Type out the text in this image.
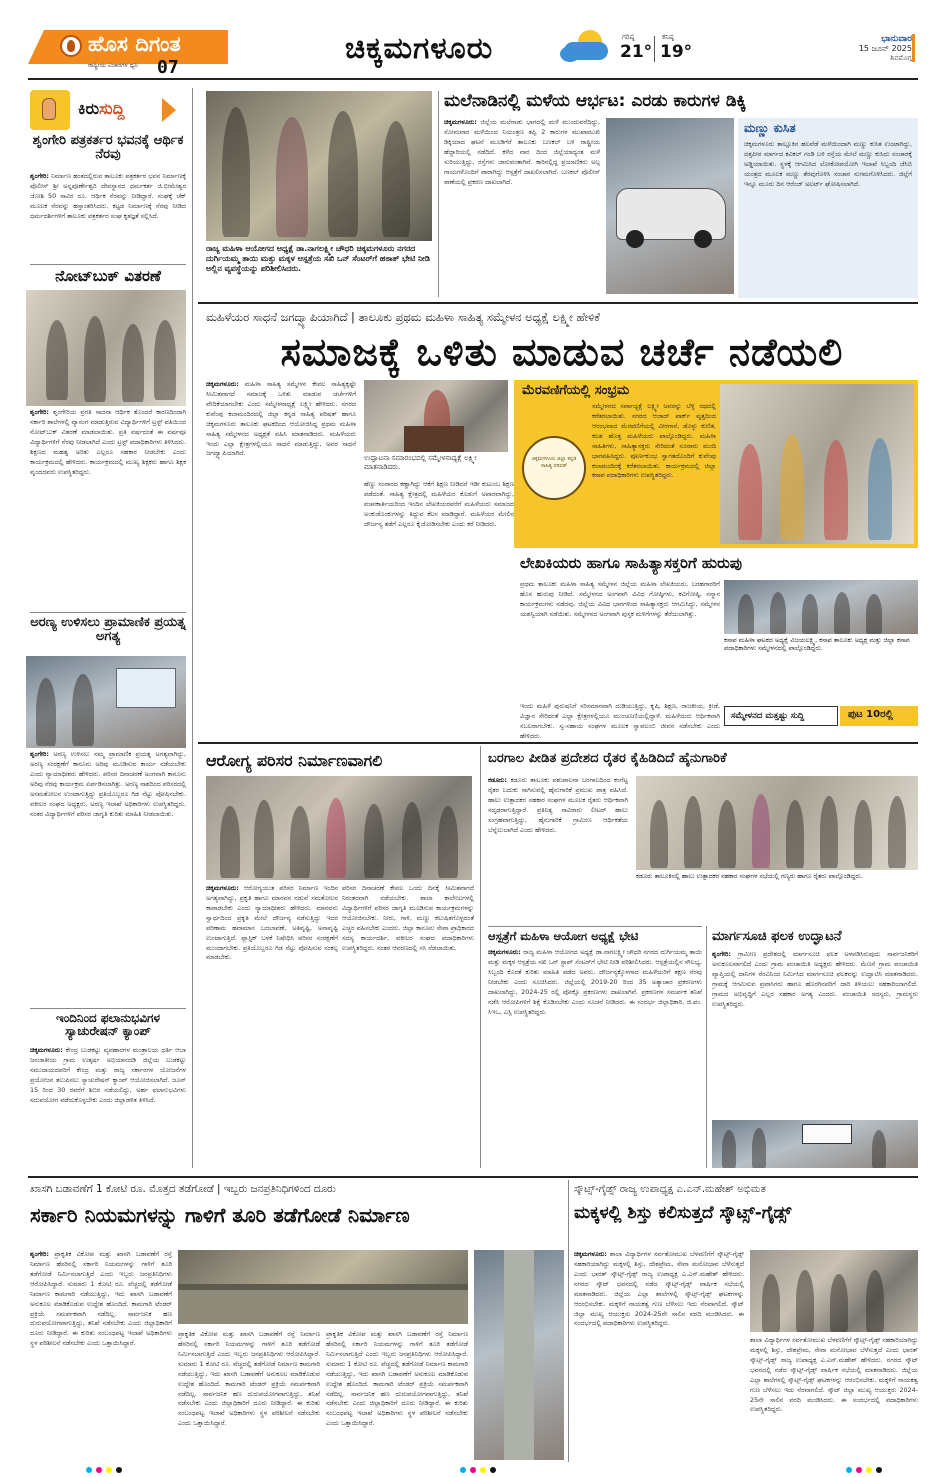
ಹೊಸ ದಿಗಂತ
ರಾಷ್ಟ್ರೀಯ ವಿಚಾರಗಳ ಧ್ವನಿ 07
ಚಿಕ್ಕಮಗಳೂರು	ಗರಿಷ್ಠ
21°
ಕನಿಷ್ಠ
19°
ಭಾನುವಾರ
15 ಜೂನ್ 2025
ಶಿವಮೊಗ್ಗ
ಕಿರುಸುದ್ದಿ
ಶೃಂಗೇರಿ ಪತ್ರಕರ್ತರ ಭವನಕ್ಕೆ ಆರ್ಥಿಕ ನೆರವು
ಶೃಂಗೇರಿ: ನಿರ್ಮಾಣ ಹಂತದಲ್ಲಿರುವ ತಾಲೂಕು ಪತ್ರಕರ್ತರ ಭವನ ನಿರ್ಮಾಣಕ್ಕೆ ಪೊಲೀಸ್ ಶ್ರೀ ಅನ್ನಪೂರ್ಣೇಶ್ವರಿ ದೇವಸ್ಥಾನದ ಧರ್ಮಕರ್ತ ಜಿ.ಭೀಮೇಶ್ವರ ಜೋಶಿ 50 ಸಾವಿರ ರೂ. ಆರ್ಥಿಕ ನೆರವನ್ನು ನೀಡಿದ್ದಾರೆ. ಸಂಘಕ್ಕೆ ಚೆಕ್ ಮೂಲಕ ನೆರವನ್ನು ಹಸ್ತಾಂತರಿಸಿದರು. ಕಟ್ಟಡ ನಿರ್ಮಾಣಕ್ಕೆ ನೆರವು ನೀಡಿದ ಧರ್ಮದರ್ಶಿಗಳಿಗೆ ತಾಲೂಕು ಪತ್ರಕರ್ತರ ಸಂಘ ಕೃತಜ್ಞತೆ ಸಲ್ಲಿಸಿದೆ.
ನೋಟ್‌ಬುಕ್ ವಿತರಣೆ
ಶೃಂಗೇರಿ: ಶೃಂಗೇರಿಯ ಪ್ರಗತಿ ಸಾದನಾ ಆರ್ಥಿಕ ತೊಂದರೆ ಕಾರಣದಿಂದಾಗಿ ಸರ್ಕಾರಿ ಶಾಲೆಗಳಲ್ಲಿ ವ್ಯಾಸಂಗ ಮಾಡುತ್ತಿರುವ ವಿದ್ಯಾರ್ಥಿಗಳಿಗೆ ಟ್ರಸ್ಟ್ ವತಿಯಿಂದ ನೋಟ್‌ಬುಕ್ ವಿತರಣೆ ಮಾಡಲಾಯಿತು. ಪ್ರತಿ ವರ್ಷದಂತೆ ಈ ವರ್ಷವೂ ವಿದ್ಯಾರ್ಥಿಗಳಿಗೆ ನೆರವು ನೀಡಲಾಗಿದೆ ಎಂದು ಟ್ರಸ್ಟ್ ಪದಾಧಿಕಾರಿಗಳು ತಿಳಿಸಿದರು. ಶಿಕ್ಷಣದ ಮಹತ್ವ ಅರಿತು ಎಲ್ಲರೂ ಸಹಕಾರ ನೀಡಬೇಕು ಎಂದು ಕಾರ್ಯಕ್ರಮದಲ್ಲಿ ಹೇಳಿದರು. ಕಾರ್ಯಕ್ರಮದಲ್ಲಿ ಮುಖ್ಯ ಶಿಕ್ಷಕರು ಹಾಗೂ ಶಿಕ್ಷಕ ವೃಂದದವರು ಉಪಸ್ಥಿತರಿದ್ದರು.
ಅರಣ್ಯ ಉಳಿಸಲು ಪ್ರಾಮಾಣಿಕ ಪ್ರಯತ್ನ ಅಗತ್ಯ
ಶೃಂಗೇರಿ: ಅರಣ್ಯ ಉಳಿಸಲು ನಮ್ಮ ಪ್ರಾಮಾಣಿಕ ಪ್ರಯತ್ನ ಅಗತ್ಯವಾಗಿದ್ದು, ಅರಣ್ಯ ಸಂರಕ್ಷಣೆಗೆ ಕಾನೂನು ಅರಿವು ಮೂಡಿಸುವ ಕಾರ್ಯ ನಡೆಯಬೇಕು ಎಂದು ನ್ಯಾಯಾಧೀಶರು ಹೇಳಿದರು. ಪರಿಸರ ದಿನಾಚರಣೆ ಅಂಗವಾಗಿ ಕಾನೂನು ಅರಿವು ನೆರವು ಕಾರ್ಯಕ್ರಮ ಏರ್ಪಡಿಸಲಾಗಿತ್ತು. ಅರಣ್ಯ ನಾಶದಿಂದ ಪರಿಸರದಲ್ಲಿ ಅಸಮತೋಲನ ಉಂಟಾಗುತ್ತಿದ್ದು ಪ್ರತಿಯೊಬ್ಬರೂ ಗಿಡ ನೆಟ್ಟು ಪೋಷಿಸಬೇಕು. ವಕೀಲರ ಸಂಘದ ಅಧ್ಯಕ್ಷರು, ಅರಣ್ಯ ಇಲಾಖೆ ಅಧಿಕಾರಿಗಳು ಉಪಸ್ಥಿತರಿದ್ದರು. ನಂತರ ವಿದ್ಯಾರ್ಥಿಗಳಿಗೆ ಪರಿಸರ ಜಾಗೃತಿ ಕುರಿತು ಮಾಹಿತಿ ನೀಡಲಾಯಿತು.
ಇಂದಿನಿಂದ ಫಲಾನುಭವಿಗಳ ಸ್ಯಾಚುರೇಷನ್ ಕ್ಯಾಂಪ್
ಚಿಕ್ಕಮಗಳೂರು: ಕೇಂದ್ರ ಬುಡಕಟ್ಟು ವ್ಯವಹಾರಗಳ ಮಂತ್ರಾಲಯ ಧರ್ತಿ ಆಬಾ ಜನಜಾತೀಯ ಗ್ರಾಮ ಉತ್ಕರ್ಷ ಅಭಿಯಾನದಡಿ ಜಿಲ್ಲೆಯ ಬುಡಕಟ್ಟು ಸಮುದಾಯದವರಿಗೆ ಕೇಂದ್ರ ಮತ್ತು ರಾಜ್ಯ ಸರ್ಕಾರಗಳ ಯೋಜನೆಗಳ ಪ್ರಯೋಜನ ತಲುಪಿಸಲು ಸ್ಯಾಚುರೇಷನ್ ಕ್ಯಾಂಪ್ ಆಯೋಜಿಸಲಾಗಿದೆ. ಜೂನ್ 15 ರಿಂದ 30 ರವರೆಗೆ ಶಿಬಿರ ನಡೆಯಲಿದ್ದು, ಅರ್ಹ ಫಲಾನುಭವಿಗಳು ಸದುಪಯೋಗ ಪಡೆದುಕೊಳ್ಳಬೇಕು ಎಂದು ಜಿಲ್ಲಾಡಳಿತ ತಿಳಿಸಿದೆ.
ರಾಜ್ಯ ಮಹಿಳಾ ಆಯೋಗದ ಅಧ್ಯಕ್ಷೆ ಡಾ.ನಾಗಲಕ್ಷ್ಮೀ ಚೌಧರಿ ಚಿಕ್ಕಮಗಳೂರು ನಗರದ ದುರ್ಗಿಯಮ್ಮ ತಾಯಿ ಮತ್ತು ಮಕ್ಕಳ ಆಸ್ಪತ್ರೆಯ ಸಖಿ ಒನ್ ಸೆಂಟರ್‌ಗೆ ಹಠಾತ್ ಭೇಟಿ ನೀಡಿ ಅಲ್ಲಿನ ವ್ಯವಸ್ಥೆಯನ್ನು ಪರಿಶೀಲಿಸಿದರು.
ಮಲೆನಾಡಿನಲ್ಲಿ ಮಳೆಯ ಆರ್ಭಟ: ಎರಡು ಕಾರುಗಳ ಡಿಕ್ಕಿ
ಚಿಕ್ಕಮಗಳೂರು: ಜಿಲ್ಲೆಯ ಮಲೆನಾಡು ಭಾಗದಲ್ಲಿ ಮಳೆ ಮುಂದುವರೆದಿದ್ದು, ಸೋಮವಾರ ಮಳೆಯಿಂದ ನಿಯಂತ್ರಣ ತಪ್ಪಿ 2 ಕಾರುಗಳ ಮುಖಾಮುಖಿ ಡಿಕ್ಕಿಯಾದ ಘಟನೆ ಮೂಡಿಗೆರೆ ತಾಲೂಕು ಬಣಕಲ್ ಬಳಿ ರಾಷ್ಟ್ರೀಯ ಹೆದ್ದಾರಿಯಲ್ಲಿ ನಡೆದಿದೆ. ಕಳೆದ ವಾರ ದಿಂದ ಜಿಲ್ಲೆಯಾದ್ಯಂತ ಮಳೆ ಸುರಿಯುತ್ತಿದ್ದು, ರಸ್ತೆಗಳು ಜಾರುವಂತಾಗಿವೆ. ಕಾರಿನಲ್ಲಿದ್ದ ಪ್ರಯಾಣಿಕರು ಅಲ್ಪ ಗಾಯಗಳೊಂದಿಗೆ ಪಾರಾಗಿದ್ದು ಆಸ್ಪತ್ರೆಗೆ ದಾಖಲಿಸಲಾಗಿದೆ. ಬಣಕಲ್ ಪೊಲೀಸ್ ಠಾಣೆಯಲ್ಲಿ ಪ್ರಕರಣ ದಾಖಲಾಗಿದೆ.
ಮಣ್ಣು ಕುಸಿತ
ಚಿಕ್ಕಮಗಳೂರು ತಾಲ್ಲೂಕಿನ ಹಲವೆಡೆ ಮಳೆಯಿಂದಾಗಿ ಮಣ್ಣು ಕುಸಿತ ಉಂಟಾಗಿದ್ದು, ದತ್ತಪೀಠ ಮಾರ್ಗದ ಕವಿಕಲ್ ಗಂಡಿ ಬಳಿ ರಸ್ತೆಯ ಮೇಲೆ ಮಣ್ಣು ಕುಸಿದು ಸಂಚಾರಕ್ಕೆ ಅಡ್ಡಿಯಾಯಿತು. ಸ್ಥಳಕ್ಕೆ ಆಗಮಿಸಿದ ಲೋಕೋಪಯೋಗಿ ಇಲಾಖೆ ಸಿಬ್ಬಂದಿ ಜೆಸಿಬಿ ಯಂತ್ರದ ಮೂಲಕ ಮಣ್ಣು ತೆರವುಗೊಳಿಸಿ ಸಂಚಾರ ಸುಗಮಗೊಳಿಸಿದರು. ಜಿಲ್ಲೆಗೆ ಇನ್ನೂ ಮೂರು ದಿನ ಆರೆಂಜ್ ಅಲರ್ಟ್ ಘೋಷಿಸಲಾಗಿದೆ.
ಮಹಿಳೆಯರ ಸಾಧನೆ ಜಗದ್ವ್ಯಾಪಿಯಾಗಿದೆ | ತಾಲೂಕು ಪ್ರಥಮ ಮಹಿಳಾ ಸಾಹಿತ್ಯ ಸಮ್ಮೇಳನ ಅಧ್ಯಕ್ಷೆ ಲಕ್ಷ್ಮೀ ಹೇಳಿಕೆ
ಸಮಾಜಕ್ಕೆ ಒಳಿತು ಮಾಡುವ ಚರ್ಚೆ ನಡೆಯಲಿ
ಚಿಕ್ಕಮಗಳೂರು: ಮಹಿಳಾ ಸಾಹಿತ್ಯ ಸಮ್ಮೇಳನ ಕೇವಲ ಸಾಹಿತ್ಯಕ್ಕಷ್ಟೇ ಸೀಮಿತವಾಗದೆ ಸಮಾಜಕ್ಕೆ ಒಳಿತು ಮಾಡುವ ಚರ್ಚೆಗಳಿಗೆ ವೇದಿಕೆಯಾಗಬೇಕು ಎಂದು ಸಮ್ಮೇಳನಾಧ್ಯಕ್ಷೆ ಲಕ್ಷ್ಮೀ ಹೇಳಿದರು. ನಗರದ ಕುವೆಂಪು ಕಲಾಮಂದಿರದಲ್ಲಿ ಜಿಲ್ಲಾ ಕನ್ನಡ ಸಾಹಿತ್ಯ ಪರಿಷತ್ ಹಾಗೂ ಚಿಕ್ಕಮಗಳೂರು ತಾಲೂಕು ಘಟಕದಿಂದ ಆಯೋಜಿಸಿದ್ದ ಪ್ರಥಮ ಮಹಿಳಾ ಸಾಹಿತ್ಯ ಸಮ್ಮೇಳನದ ಅಧ್ಯಕ್ಷತೆ ವಹಿಸಿ ಮಾತನಾಡಿದರು. ಮಹಿಳೆಯರು ಇಂದು ಎಲ್ಲಾ ಕ್ಷೇತ್ರಗಳಲ್ಲಿಯೂ ಸಾಧನೆ ಮಾಡುತ್ತಿದ್ದು, ಅವರ ಸಾಧನೆ ಜಗದ್ವ್ಯಾಪಿಯಾಗಿದೆ.
ಉದ್ಘಾಟನಾ ಸಮಾರಂಭದಲ್ಲಿ ಸಮ್ಮೇಳನಾಧ್ಯಕ್ಷೆ ಲಕ್ಷ್ಮೀ ಮಾತನಾಡಿದರು.
ಹೆಣ್ಣು ಸಂಸಾರದ ಕಣ್ಣಾಗಿದ್ದು ಆಕೆಗೆ ಶಿಕ್ಷಣ ನೀಡಿದರೆ ಇಡೀ ಕುಟುಂಬ ಶಿಕ್ಷಣ ಪಡೆದಂತೆ. ಸಾಹಿತ್ಯ ಕ್ಷೇತ್ರದಲ್ಲಿ ಮಹಿಳೆಯರ ಕೊಡುಗೆ ಅಪಾರವಾಗಿದ್ದು, ವಚನಕಾರ್ತಿಯರಿಂದ ಇಂದಿನ ಲೇಖಕಿಯರವರೆಗೆ ಮಹಿಳೆಯರು ಸಮಾಜದ ಅಂಕುಡೊಂಕುಗಳನ್ನು ತಿದ್ದುವ ಕೆಲಸ ಮಾಡಿದ್ದಾರೆ. ಮಹಿಳೆಯರ ಮೇಲಿನ ದೌರ್ಜನ್ಯ ತಡೆಗೆ ಎಲ್ಲರೂ ಕೈಜೋಡಿಸಬೇಕು ಎಂದು ಕರೆ ನೀಡಿದರು.
ಮೆರವಣಿಗೆಯಲ್ಲಿ ಸಂಭ್ರಮ
ಚಿಕ್ಕಮಗಳೂರು ಜಿಲ್ಲಾ ಕನ್ನಡ ಸಾಹಿತ್ಯ ಪರಿಷತ್
ಸಮ್ಮೇಳನದ ಸರ್ವಾಧ್ಯಕ್ಷೆ ಲಕ್ಷ್ಮೀ ಅವರನ್ನು ಬೆಳ್ಳಿ ರಥದಲ್ಲಿ ಕರೆತರಲಾಯಿತು. ನಗರದ ಆಜಾದ್ ಪಾರ್ಕ್ ವೃತ್ತದಿಂದ ಆರಂಭವಾದ ಮೆರವಣಿಗೆಯಲ್ಲಿ ವೀರಗಾಸೆ, ಡೊಳ್ಳು ಕುಣಿತ, ಕಲಶ ಹೊತ್ತ ಮಹಿಳೆಯರು ಪಾಲ್ಗೊಂಡಿದ್ದರು. ಮಹಿಳಾ ಸಾಹಿತಿಗಳು, ಸಾಹಿತ್ಯಾಸಕ್ತರು ಸೇರಿದಂತೆ ನೂರಾರು ಮಂದಿ ಭಾಗವಹಿಸಿದ್ದರು. ಪೂರ್ಣಕುಂಭ ಸ್ವಾಗತದೊಂದಿಗೆ ಕುವೆಂಪು ಕಲಾಮಂದಿರಕ್ಕೆ ಕರೆತರಲಾಯಿತು. ಕಾರ್ಯಕ್ರಮದಲ್ಲಿ ಜಿಲ್ಲಾ ಕಸಾಪ ಪದಾಧಿಕಾರಿಗಳು ಉಪಸ್ಥಿತರಿದ್ದರು.
ಲೇಖಕಿಯರು ಹಾಗೂ ಸಾಹಿತ್ಯಾಸಕ್ತರಿಗೆ ಹುರುಪು
ಪ್ರಥಮ ತಾಲೂಕು ಮಹಿಳಾ ಸಾಹಿತ್ಯ ಸಮ್ಮೇಳನ ಜಿಲ್ಲೆಯ ಮಹಿಳಾ ಲೇಖಕಿಯರು, ಬರಹಗಾರರಿಗೆ ಹೊಸ ಹುರುಪು ನೀಡಿದೆ. ಸಮ್ಮೇಳನದ ಅಂಗವಾಗಿ ವಿವಿಧ ಗೋಷ್ಠಿಗಳು, ಕವಿಗೋಷ್ಠಿ, ಸನ್ಮಾನ ಕಾರ್ಯಕ್ರಮಗಳು ನಡೆದವು. ಜಿಲ್ಲೆಯ ವಿವಿಧ ಭಾಗಗಳಿಂದ ಸಾಹಿತ್ಯಾಸಕ್ತರು ಆಗಮಿಸಿದ್ದು, ಸಮ್ಮೇಳನ ಯಶಸ್ವಿಯಾಗಿ ನಡೆಯಿತು. ಸಮ್ಮೇಳನದ ಅಂಗವಾಗಿ ಪುಸ್ತಕ ಮಳಿಗೆಗಳನ್ನು ತೆರೆಯಲಾಗಿತ್ತು.
ಕಸಾಪ ಮಹಿಳಾ ಘಟಕದ ಅಧ್ಯಕ್ಷೆ ವಿಜಯಲಕ್ಷ್ಮಿ, ಕಸಾಪ ತಾಲೂಕು ಅಧ್ಯಕ್ಷ ಮತ್ತು ಜಿಲ್ಲಾ ಕಸಾಪ ಪದಾಧಿಕಾರಿಗಳು ಸಮ್ಮೇಳನದಲ್ಲಿ ಪಾಲ್ಗೊಂಡಿದ್ದರು.
ಇಂದು ಮಹಿಳೆ ಪುರುಷನಿಗೆ ಸರಿಸಮಾನವಾಗಿ ದುಡಿಯುತ್ತಿದ್ದು, ಕೃಷಿ, ಶಿಕ್ಷಣ, ರಾಜಕೀಯ, ಕ್ರೀಡೆ, ವಿಜ್ಞಾನ ಸೇರಿದಂತೆ ಎಲ್ಲಾ ಕ್ಷೇತ್ರಗಳಲ್ಲಿಯೂ ಮುಂಚೂಣಿಯಲ್ಲಿದ್ದಾಳೆ. ಮಹಿಳೆಯರು ಆರ್ಥಿಕವಾಗಿ ಸಬಲರಾಗಬೇಕು. ಸ್ವ-ಸಹಾಯ ಸಂಘಗಳ ಮೂಲಕ ಸ್ವಾವಲಂಬಿ ಜೀವನ ನಡೆಸಬೇಕು ಎಂದು ಹೇಳಿದರು.
ಸಮ್ಮೇಳನದ ಮತ್ತಷ್ಟು ಸುದ್ದಿ	ಪುಟ 10ರಲ್ಲಿ
ಆರೋಗ್ಯ ಪರಿಸರ ನಿರ್ಮಾಣವಾಗಲಿ
ಚಿಕ್ಕಮಗಳೂರು: ಆರೋಗ್ಯಯುತ ಪರಿಸರ ನಿರ್ಮಾಣ ಇಂದಿನ ಅಗತ್ಯವಾಗಿದ್ದು, ಪ್ರಕೃತಿ ಹಾಗೂ ಮಾನವನ ನಡುವೆ ಸಮತೋಲನ ಕಾಪಾಡಬೇಕು ಎಂದು ನ್ಯಾಯಾಧೀಶರು ಹೇಳಿದರು. ಮಾನವನು ಸ್ವಾರ್ಥದಿಂದ ಪ್ರಕೃತಿ ಮೇಲೆ ದೌರ್ಜನ್ಯ ನಡೆಸುತ್ತಿದ್ದು ಇದರ ಪರಿಣಾಮ ಹವಾಮಾನ ಬದಲಾವಣೆ, ಅತಿವೃಷ್ಟಿ, ಅನಾವೃಷ್ಟಿ ಉಂಟಾಗುತ್ತಿದೆ. ಪ್ಲಾಸ್ಟಿಕ್ ಬಳಕೆ ನಿಷೇಧಿಸಿ ಪರಿಸರ ಸಂರಕ್ಷಣೆಗೆ ಮುಂದಾಗಬೇಕು. ಪ್ರತಿಯೊಬ್ಬರೂ ಗಿಡ ನೆಟ್ಟು ಪೋಷಿಸುವ ಸಂಕಲ್ಪ ಮಾಡಬೇಕು.
ಪರಿಸರ ದಿನಾಚರಣೆ ಕೇವಲ ಒಂದು ದಿನಕ್ಕೆ ಸೀಮಿತವಾಗದೆ ನಿರಂತರವಾಗಿ ನಡೆಯಬೇಕು. ಶಾಲಾ ಕಾಲೇಜುಗಳಲ್ಲಿ ವಿದ್ಯಾರ್ಥಿಗಳಿಗೆ ಪರಿಸರ ಜಾಗೃತಿ ಮೂಡಿಸುವ ಕಾರ್ಯಕ್ರಮಗಳನ್ನು ಆಯೋಜಿಸಬೇಕು. ನೀರು, ಗಾಳಿ, ಮಣ್ಣು ಕಲುಷಿತಗೊಳ್ಳದಂತೆ ಎಚ್ಚರ ವಹಿಸಬೇಕು ಎಂದರು. ಜಿಲ್ಲಾ ಕಾನೂನು ಸೇವಾ ಪ್ರಾಧಿಕಾರದ ಸದಸ್ಯ ಕಾರ್ಯದರ್ಶಿ, ವಕೀಲರ ಸಂಘದ ಪದಾಧಿಕಾರಿಗಳು ಉಪಸ್ಥಿತರಿದ್ದರು. ನಂತರ ಆವರಣದಲ್ಲಿ ಸಸಿ ನೆಡಲಾಯಿತು.
ಬರಗಾಲ ಪೀಡಿತ ಪ್ರದೇಶದ ರೈತರ ಕೈಹಿಡಿದಿದೆ ಹೈನುಗಾರಿಕೆ
ಕಡೂರು: ಕಡೂರು ತಾಲೂಕು ಪಶುಪಾಲನಾ ಬರಗಾಲದಿಂದ ಕಂಗೆಟ್ಟ ರೈತರ ಬದುಕು ಸಾಗಿಸುವಲ್ಲಿ ಹೈನುಗಾರಿಕೆ ಪ್ರಮುಖ ಪಾತ್ರ ವಹಿಸಿದೆ. ಹಾಲು ಉತ್ಪಾದಕರ ಸಹಕಾರ ಸಂಘಗಳ ಮೂಲಕ ರೈತರು ಆರ್ಥಿಕವಾಗಿ ಸದೃಢರಾಗುತ್ತಿದ್ದಾರೆ. ಪ್ರತಿನಿತ್ಯ ಸಾವಿರಾರು ಲೀಟರ್ ಹಾಲು ಸಂಗ್ರಹವಾಗುತ್ತಿದ್ದು, ಹೈನುಗಾರಿಕೆ ಗ್ರಾಮೀಣ ಆರ್ಥಿಕತೆಯ ಬೆನ್ನೆಲುಬಾಗಿದೆ ಎಂದು ಹೇಳಿದರು.
ಕಡೂರು ತಾಲೂಕಿನಲ್ಲಿ ಹಾಲು ಉತ್ಪಾದಕರ ಸಹಕಾರ ಸಂಘಗಳ ಸಭೆಯಲ್ಲಿ ಗಣ್ಯರು ಹಾಗೂ ರೈತರು ಪಾಲ್ಗೊಂಡಿದ್ದರು.
ಆಸ್ಪತ್ರೆಗೆ ಮಹಿಳಾ ಆಯೋಗ ಅಧ್ಯಕ್ಷೆ ಭೇಟಿ
ಚಿಕ್ಕಮಗಳೂರು: ರಾಜ್ಯ ಮಹಿಳಾ ಆಯೋಗದ ಅಧ್ಯಕ್ಷೆ ಡಾ.ನಾಗಲಕ್ಷ್ಮೀ ಚೌಧರಿ ನಗರದ ದುರ್ಗಿಯಮ್ಮ ತಾಯಿ ಮತ್ತು ಮಕ್ಕಳ ಆಸ್ಪತ್ರೆಯ ಸಖಿ ಒನ್ ಸ್ಟಾಪ್ ಸೆಂಟರ್‌ಗೆ ಭೇಟಿ ನೀಡಿ ಪರಿಶೀಲಿಸಿದರು. ಆಸ್ಪತ್ರೆಯಲ್ಲಿನ ಸೌಲಭ್ಯ, ಸಿಬ್ಬಂದಿ ಕೊರತೆ ಕುರಿತು ಮಾಹಿತಿ ಪಡೆದ ಅವರು, ದೌರ್ಜನ್ಯಕ್ಕೊಳಗಾದ ಮಹಿಳೆಯರಿಗೆ ತಕ್ಷಣ ನೆರವು ನೀಡಬೇಕು ಎಂದು ಸೂಚಿಸಿದರು. ಜಿಲ್ಲೆಯಲ್ಲಿ 2019-20 ರಿಂದ 35 ಅತ್ಯಾಚಾರ ಪ್ರಕರಣಗಳು ದಾಖಲಾಗಿದ್ದು, 2024-25 ರಲ್ಲಿ ಪೋಕ್ಸೊ ಪ್ರಕರಣಗಳು ದಾಖಲಾಗಿವೆ. ಪ್ರಕರಣಗಳ ಸಮರ್ಪಕ ತನಿಖೆ ನಡೆಸಿ ಆರೋಪಿಗಳಿಗೆ ಶಿಕ್ಷೆ ಕೊಡಿಸಬೇಕು ಎಂದು ಸೂಚನೆ ನೀಡಿದರು. ಈ ಸಂದರ್ಭ ಜಿಲ್ಲಾಧಿಕಾರಿ, ಜಿ.ಪಂ. ಸಿಇಒ, ಎಸ್ಪಿ ಉಪಸ್ಥಿತರಿದ್ದರು.
ಮಾರ್ಗಸೂಚಿ ಫಲಕ ಉದ್ಘಾಟನೆ
ಶೃಂಗೇರಿ: ಗ್ರಾಮೀಣ ಪ್ರದೇಶದಲ್ಲಿ ಮಾರ್ಗಸೂಚಿ ಫಲಕ ಅಳವಡಿಸಿರುವುದು ಸಾರ್ವಜನಿಕರಿಗೆ ಅನುಕೂಲವಾಗಲಿದೆ ಎಂದು ಗ್ರಾಮ ಪಂಚಾಯಿತಿ ಅಧ್ಯಕ್ಷರು ಹೇಳಿದರು. ಮೆಣಸೆ ಗ್ರಾಮ ಪಂಚಾಯಿತಿ ವ್ಯಾಪ್ತಿಯಲ್ಲಿ ದಾನಿಗಳ ನೆರವಿನಿಂದ ನಿರ್ಮಿಸಿದ ಮಾರ್ಗಸೂಚಿ ಫಲಕವನ್ನು ಉದ್ಘಾಟಿಸಿ ಮಾತನಾಡಿದರು. ಗ್ರಾಮಕ್ಕೆ ಆಗಮಿಸುವ ಪ್ರವಾಸಿಗರು ಹಾಗೂ ಹೊರಗಿನವರಿಗೆ ದಾರಿ ತಿಳಿಯಲು ಸಹಕಾರಿಯಾಗಲಿದೆ. ಗ್ರಾಮದ ಅಭಿವೃದ್ಧಿಗೆ ಎಲ್ಲರ ಸಹಕಾರ ಅಗತ್ಯ ಎಂದರು. ಪಂಚಾಯಿತಿ ಸದಸ್ಯರು, ಗ್ರಾಮಸ್ಥರು ಉಪಸ್ಥಿತರಿದ್ದರು.
ಖಾಸಗಿ ಬಡಾವಣೆಗೆ 1 ಕೋಟಿ ರೂ. ಮೊತ್ತದ ತಡೆಗೋಡೆ | ಇಬ್ಬರು ಜನಪ್ರತಿನಿಧಿಗಳಿಂದ ದೂರು
ಸರ್ಕಾರಿ ನಿಯಮಗಳನ್ನು ಗಾಳಿಗೆ ತೂರಿ ತಡೆಗೋಡೆ ನಿರ್ಮಾಣ
ಶೃಂಗೇರಿ: ಪ್ರಾಕೃತಿಕ ವಿಕೋಪ ಮತ್ತು ಖಾಸಗಿ ಬಡಾವಣೆಗೆ ರಸ್ತೆ ನಿರ್ಮಾಣ ಹೆಸರಿನಲ್ಲಿ ಸರ್ಕಾರಿ ನಿಯಮಗಳನ್ನು ಗಾಳಿಗೆ ತೂರಿ ತಡೆಗೋಡೆ ನಿರ್ಮಿಸಲಾಗುತ್ತಿದೆ ಎಂದು ಇಬ್ಬರು ಜನಪ್ರತಿನಿಧಿಗಳು ಆರೋಪಿಸಿದ್ದಾರೆ. ಸುಮಾರು 1 ಕೋಟಿ ರೂ. ವೆಚ್ಚದಲ್ಲಿ ತಡೆಗೋಡೆ ನಿರ್ಮಾಣ ಕಾಮಗಾರಿ ನಡೆಯುತ್ತಿದ್ದು, ಇದು ಖಾಸಗಿ ಬಡಾವಣೆಗೆ ಅನುಕೂಲ ಮಾಡಿಕೊಡುವ ಉದ್ದೇಶ ಹೊಂದಿದೆ. ಕಾಮಗಾರಿ ಟೆಂಡರ್ ಪ್ರಕ್ರಿಯೆ ಸಮರ್ಪಕವಾಗಿ ನಡೆದಿಲ್ಲ. ಸಾರ್ವಜನಿಕ ಹಣ ದುರುಪಯೋಗವಾಗುತ್ತಿದ್ದು, ತನಿಖೆ ನಡೆಸಬೇಕು ಎಂದು ಜಿಲ್ಲಾಧಿಕಾರಿಗೆ ದೂರು ನೀಡಿದ್ದಾರೆ. ಈ ಕುರಿತು ಸಂಬಂಧಪಟ್ಟ ಇಲಾಖೆ ಅಧಿಕಾರಿಗಳು ಸ್ಥಳ ಪರಿಶೀಲನೆ ನಡೆಸಬೇಕು ಎಂದು ಒತ್ತಾಯಿಸಿದ್ದಾರೆ.
ಪ್ರಾಕೃತಿಕ ವಿಕೋಪ ಮತ್ತು ಖಾಸಗಿ ಬಡಾವಣೆಗೆ ರಸ್ತೆ ನಿರ್ಮಾಣ ಹೆಸರಿನಲ್ಲಿ ಸರ್ಕಾರಿ ನಿಯಮಗಳನ್ನು ಗಾಳಿಗೆ ತೂರಿ ತಡೆಗೋಡೆ ನಿರ್ಮಿಸಲಾಗುತ್ತಿದೆ ಎಂದು ಇಬ್ಬರು ಜನಪ್ರತಿನಿಧಿಗಳು ಆರೋಪಿಸಿದ್ದಾರೆ. ಸುಮಾರು 1 ಕೋಟಿ ರೂ. ವೆಚ್ಚದಲ್ಲಿ ತಡೆಗೋಡೆ ನಿರ್ಮಾಣ ಕಾಮಗಾರಿ ನಡೆಯುತ್ತಿದ್ದು, ಇದು ಖಾಸಗಿ ಬಡಾವಣೆಗೆ ಅನುಕೂಲ ಮಾಡಿಕೊಡುವ ಉದ್ದೇಶ ಹೊಂದಿದೆ. ಕಾಮಗಾರಿ ಟೆಂಡರ್ ಪ್ರಕ್ರಿಯೆ ಸಮರ್ಪಕವಾಗಿ ನಡೆದಿಲ್ಲ. ಸಾರ್ವಜನಿಕ ಹಣ ದುರುಪಯೋಗವಾಗುತ್ತಿದ್ದು, ತನಿಖೆ ನಡೆಸಬೇಕು ಎಂದು ಜಿಲ್ಲಾಧಿಕಾರಿಗೆ ದೂರು ನೀಡಿದ್ದಾರೆ. ಈ ಕುರಿತು ಸಂಬಂಧಪಟ್ಟ ಇಲಾಖೆ ಅಧಿಕಾರಿಗಳು ಸ್ಥಳ ಪರಿಶೀಲನೆ ನಡೆಸಬೇಕು ಎಂದು ಒತ್ತಾಯಿಸಿದ್ದಾರೆ.
ಪ್ರಾಕೃತಿಕ ವಿಕೋಪ ಮತ್ತು ಖಾಸಗಿ ಬಡಾವಣೆಗೆ ರಸ್ತೆ ನಿರ್ಮಾಣ ಹೆಸರಿನಲ್ಲಿ ಸರ್ಕಾರಿ ನಿಯಮಗಳನ್ನು ಗಾಳಿಗೆ ತೂರಿ ತಡೆಗೋಡೆ ನಿರ್ಮಿಸಲಾಗುತ್ತಿದೆ ಎಂದು ಇಬ್ಬರು ಜನಪ್ರತಿನಿಧಿಗಳು ಆರೋಪಿಸಿದ್ದಾರೆ. ಸುಮಾರು 1 ಕೋಟಿ ರೂ. ವೆಚ್ಚದಲ್ಲಿ ತಡೆಗೋಡೆ ನಿರ್ಮಾಣ ಕಾಮಗಾರಿ ನಡೆಯುತ್ತಿದ್ದು, ಇದು ಖಾಸಗಿ ಬಡಾವಣೆಗೆ ಅನುಕೂಲ ಮಾಡಿಕೊಡುವ ಉದ್ದೇಶ ಹೊಂದಿದೆ. ಕಾಮಗಾರಿ ಟೆಂಡರ್ ಪ್ರಕ್ರಿಯೆ ಸಮರ್ಪಕವಾಗಿ ನಡೆದಿಲ್ಲ. ಸಾರ್ವಜನಿಕ ಹಣ ದುರುಪಯೋಗವಾಗುತ್ತಿದ್ದು, ತನಿಖೆ ನಡೆಸಬೇಕು ಎಂದು ಜಿಲ್ಲಾಧಿಕಾರಿಗೆ ದೂರು ನೀಡಿದ್ದಾರೆ. ಈ ಕುರಿತು ಸಂಬಂಧಪಟ್ಟ ಇಲಾಖೆ ಅಧಿಕಾರಿಗಳು ಸ್ಥಳ ಪರಿಶೀಲನೆ ನಡೆಸಬೇಕು ಎಂದು ಒತ್ತಾಯಿಸಿದ್ದಾರೆ.
ಸ್ಕೌಟ್ಸ್-ಗೈಡ್ಸ್ ರಾಜ್ಯ ಉಪಾಧ್ಯಕ್ಷ ಎ.ಎನ್.ಮಹೇಶ್ ಅಭಿಮತ
ಮಕ್ಕಳಲ್ಲಿ ಶಿಸ್ತು ಕಲಿಸುತ್ತದೆ ಸ್ಕೌಟ್ಸ್-ಗೈಡ್ಸ್
ಚಿಕ್ಕಮಗಳೂರು: ಶಾಲಾ ವಿದ್ಯಾರ್ಥಿಗಳ ಸರ್ವತೋಮುಖ ಬೆಳವಣಿಗೆಗೆ ಸ್ಕೌಟ್ಸ್-ಗೈಡ್ಸ್ ಸಹಕಾರಿಯಾಗಿದ್ದು ಮಕ್ಕಳಲ್ಲಿ ಶಿಸ್ತು, ದೇಶಪ್ರೇಮ, ಸೇವಾ ಮನೋಭಾವ ಬೆಳೆಸುತ್ತದೆ ಎಂದು ಭಾರತ್ ಸ್ಕೌಟ್ಸ್-ಗೈಡ್ಸ್ ರಾಜ್ಯ ಉಪಾಧ್ಯಕ್ಷ ಎ.ಎನ್.ಮಹೇಶ್ ಹೇಳಿದರು. ನಗರದ ಸ್ಕೌಟ್ ಭವನದಲ್ಲಿ ನಡೆದ ಸ್ಕೌಟ್ಸ್-ಗೈಡ್ಸ್ ವಾರ್ಷಿಕ ಸಭೆಯಲ್ಲಿ ಮಾತನಾಡಿದರು. ಜಿಲ್ಲೆಯ ಎಲ್ಲಾ ಶಾಲೆಗಳಲ್ಲಿ ಸ್ಕೌಟ್ಸ್-ಗೈಡ್ಸ್ ಘಟಕಗಳನ್ನು ಆರಂಭಿಸಬೇಕು. ಮಕ್ಕಳಿಗೆ ನಾಯಕತ್ವ ಗುಣ ಬೆಳೆಸಲು ಇದು ನೆರವಾಗಲಿದೆ. ಸ್ಕೌಟ್ ಜಿಲ್ಲಾ ಮುಖ್ಯ ಆಯುಕ್ತರು 2024-25ನೇ ಸಾಲಿನ ವರದಿ ಮಂಡಿಸಿದರು. ಈ ಸಂದರ್ಭದಲ್ಲಿ ಪದಾಧಿಕಾರಿಗಳು ಉಪಸ್ಥಿತರಿದ್ದರು.
ಶಾಲಾ ವಿದ್ಯಾರ್ಥಿಗಳ ಸರ್ವತೋಮುಖ ಬೆಳವಣಿಗೆಗೆ ಸ್ಕೌಟ್ಸ್-ಗೈಡ್ಸ್ ಸಹಕಾರಿಯಾಗಿದ್ದು ಮಕ್ಕಳಲ್ಲಿ ಶಿಸ್ತು, ದೇಶಪ್ರೇಮ, ಸೇವಾ ಮನೋಭಾವ ಬೆಳೆಸುತ್ತದೆ ಎಂದು ಭಾರತ್ ಸ್ಕೌಟ್ಸ್-ಗೈಡ್ಸ್ ರಾಜ್ಯ ಉಪಾಧ್ಯಕ್ಷ ಎ.ಎನ್.ಮಹೇಶ್ ಹೇಳಿದರು. ನಗರದ ಸ್ಕೌಟ್ ಭವನದಲ್ಲಿ ನಡೆದ ಸ್ಕೌಟ್ಸ್-ಗೈಡ್ಸ್ ವಾರ್ಷಿಕ ಸಭೆಯಲ್ಲಿ ಮಾತನಾಡಿದರು. ಜಿಲ್ಲೆಯ ಎಲ್ಲಾ ಶಾಲೆಗಳಲ್ಲಿ ಸ್ಕೌಟ್ಸ್-ಗೈಡ್ಸ್ ಘಟಕಗಳನ್ನು ಆರಂಭಿಸಬೇಕು. ಮಕ್ಕಳಿಗೆ ನಾಯಕತ್ವ ಗುಣ ಬೆಳೆಸಲು ಇದು ನೆರವಾಗಲಿದೆ. ಸ್ಕೌಟ್ ಜಿಲ್ಲಾ ಮುಖ್ಯ ಆಯುಕ್ತರು 2024-25ನೇ ಸಾಲಿನ ವರದಿ ಮಂಡಿಸಿದರು. ಈ ಸಂದರ್ಭದಲ್ಲಿ ಪದಾಧಿಕಾರಿಗಳು ಉಪಸ್ಥಿತರಿದ್ದರು.
